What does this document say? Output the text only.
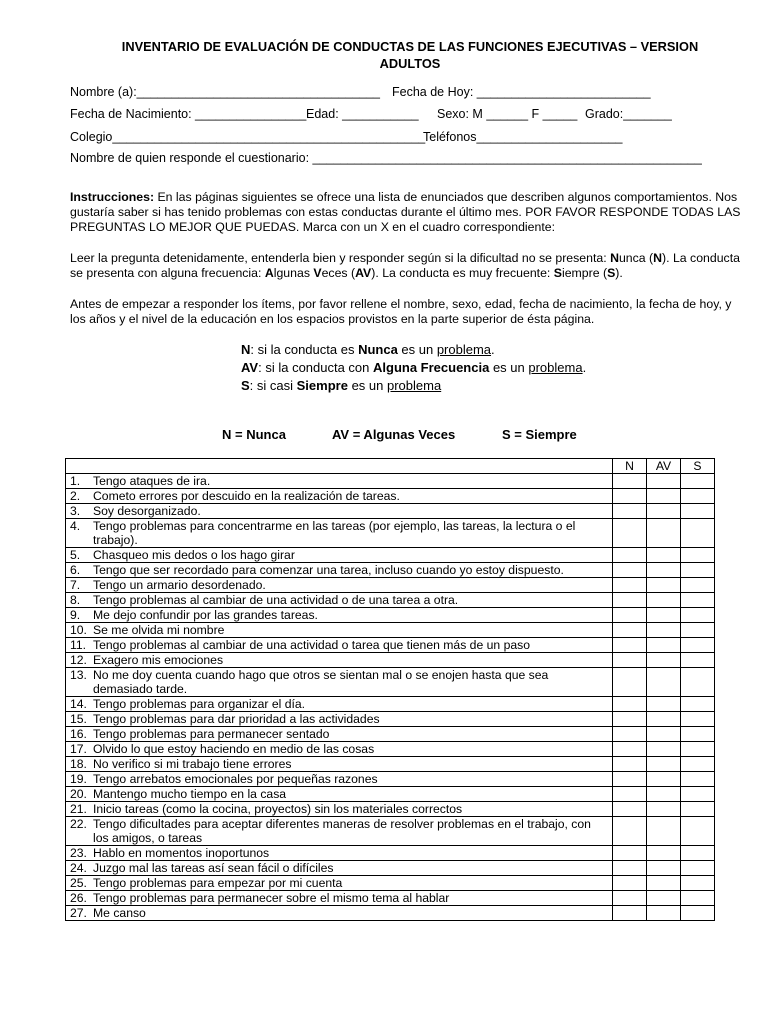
INVENTARIO DE EVALUACIÓN DE CONDUCTAS DE LAS FUNCIONES EJECUTIVAS – VERSION
ADULTOS
Nombre (a):___________________________________ Fecha de Hoy: _________________________
Fecha de Nacimiento: ________________ Edad: ___________ Sexo: M ______ F _____ Grado:_______
Colegio_____________________________________________
Teléfonos_____________________
Nombre de quien responde el cuestionario: ________________________________________________________
Instrucciones: En las páginas siguientes se ofrece una lista de enunciados que describen algunos comportamientos. Nos gustaría saber si has tenido problemas con estas conductas durante el último mes. POR FAVOR RESPONDE TODAS LAS PREGUNTAS LO MEJOR QUE PUEDAS. Marca con un X en el cuadro correspondiente:
Leer la pregunta detenidamente, entenderla bien y responder según si la dificultad no se presenta: Nunca (N). La conducta se presenta con alguna frecuencia: Algunas Veces (AV). La conducta es muy frecuente: Siempre (S).
Antes de empezar a responder los ítems, por favor rellene el nombre, sexo, edad, fecha de nacimiento, la fecha de hoy, y los años y el nivel de la educación en los espacios provistos en la parte superior de ésta página.
N: si la conducta es Nunca es un problema.
AV: si la conducta con Alguna Frecuencia es un problema.
S: si casi Siempre es un problema
N = Nunca	AV = Algunas Veces	S = Siempre
	N	AV	S

1. Tengo ataques de ira.			

2. Cometo errores por descuido en la realización de tareas.			

3. Soy desorganizado.			

4. Tengo problemas para concentrarme en las tareas (por ejemplo, las tareas, la lectura o el trabajo).			

5. Chasqueo mis dedos o los hago girar			

6. Tengo que ser recordado para comenzar una tarea, incluso cuando yo estoy dispuesto.			

7. Tengo un armario desordenado.			

8. Tengo problemas al cambiar de una actividad o de una tarea a otra.			

9. Me dejo confundir por las grandes tareas.			

10. Se me olvida mi nombre			

11. Tengo problemas al cambiar de una actividad o tarea que tienen más de un paso			

12. Exagero mis emociones			

13. No me doy cuenta cuando hago que otros se sientan mal o se enojen hasta que sea demasiado tarde.			

14. Tengo problemas para organizar el día.			

15. Tengo problemas para dar prioridad a las actividades			

16. Tengo problemas para permanecer sentado			

17. Olvido lo que estoy haciendo en medio de las cosas			

18. No verifico si mi trabajo tiene errores			

19. Tengo arrebatos emocionales por pequeñas razones			

20. Mantengo mucho tiempo en la casa			

21. Inicio tareas (como la cocina, proyectos) sin los materiales correctos			

22. Tengo dificultades para aceptar diferentes maneras de resolver problemas en el trabajo, con los amigos, o tareas			

23. Hablo en momentos inoportunos			

24. Juzgo mal las tareas así sean fácil o difíciles			

25. Tengo problemas para empezar por mi cuenta			

26. Tengo problemas para permanecer sobre el mismo tema al hablar			

27. Me canso			
